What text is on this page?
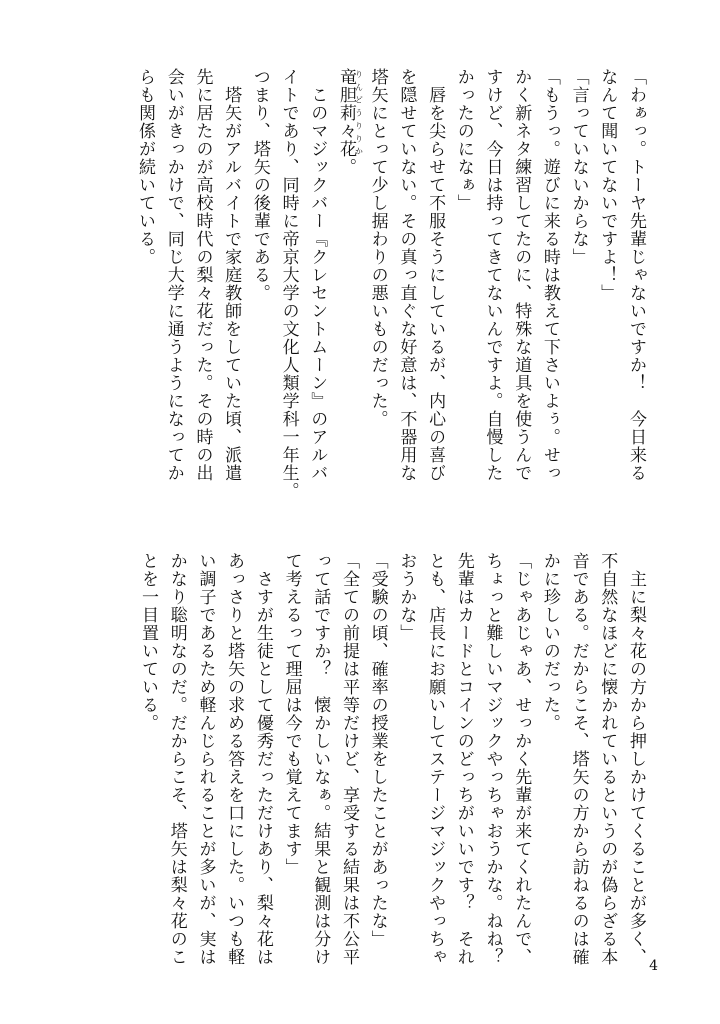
「わぁっ。トーヤ先輩じゃないですか！　今日来る

なんて聞いてないですよ！」

「言っていないからな」

「もうっ。遊びに来る時は教えて下さいよぅ。せっ

かく新ネタ練習してたのに、特殊な道具を使うんで

すけど、今日は持ってきてないんですよ。自慢した

かったのになぁ」

　唇を尖らせて不服そうにしているが、内心の喜び

を隠せていない。その真っ直ぐな好意は、不器用な

塔矢にとって少し据わりの悪いものだった。

竜胆莉々花りんどうりりか。

　このマジックバー『クレセントムーン』のアルバ

イトであり、同時に帝京大学の文化人類学科一年生。

つまり、塔矢の後輩である。

　塔矢がアルバイトで家庭教師をしていた頃、派遣

先に居たのが高校時代の梨々花だった。その時の出

会いがきっかけで、同じ大学に通うようになってか

らも関係が続いている。

　主に梨々花の方から押しかけてくることが多く、

不自然なほどに懐かれているというのが偽らざる本

音である。だからこそ、塔矢の方から訪ねるのは確

かに珍しいのだった。

「じゃあじゃあ、せっかく先輩が来てくれたんで、

ちょっと難しいマジックやっちゃおうかな。ねね？

先輩はカードとコインのどっちがいいです？　それ

とも、店長にお願いしてステージマジックやっちゃ

おうかな」

「受験の頃、確率の授業をしたことがあったな」

「全ての前提は平等だけど、享受する結果は不公平

って話ですか？　懐かしいなぁ。結果と観測は分け

て考えるって理屈は今でも覚えてます」

　さすが生徒として優秀だっただけあり、梨々花は

あっさりと塔矢の求める答えを口にした。いつも軽

い調子であるため軽んじられることが多いが、実は

かなり聡明なのだ。だからこそ、塔矢は梨々花のこ

とを一目置いている。

4
